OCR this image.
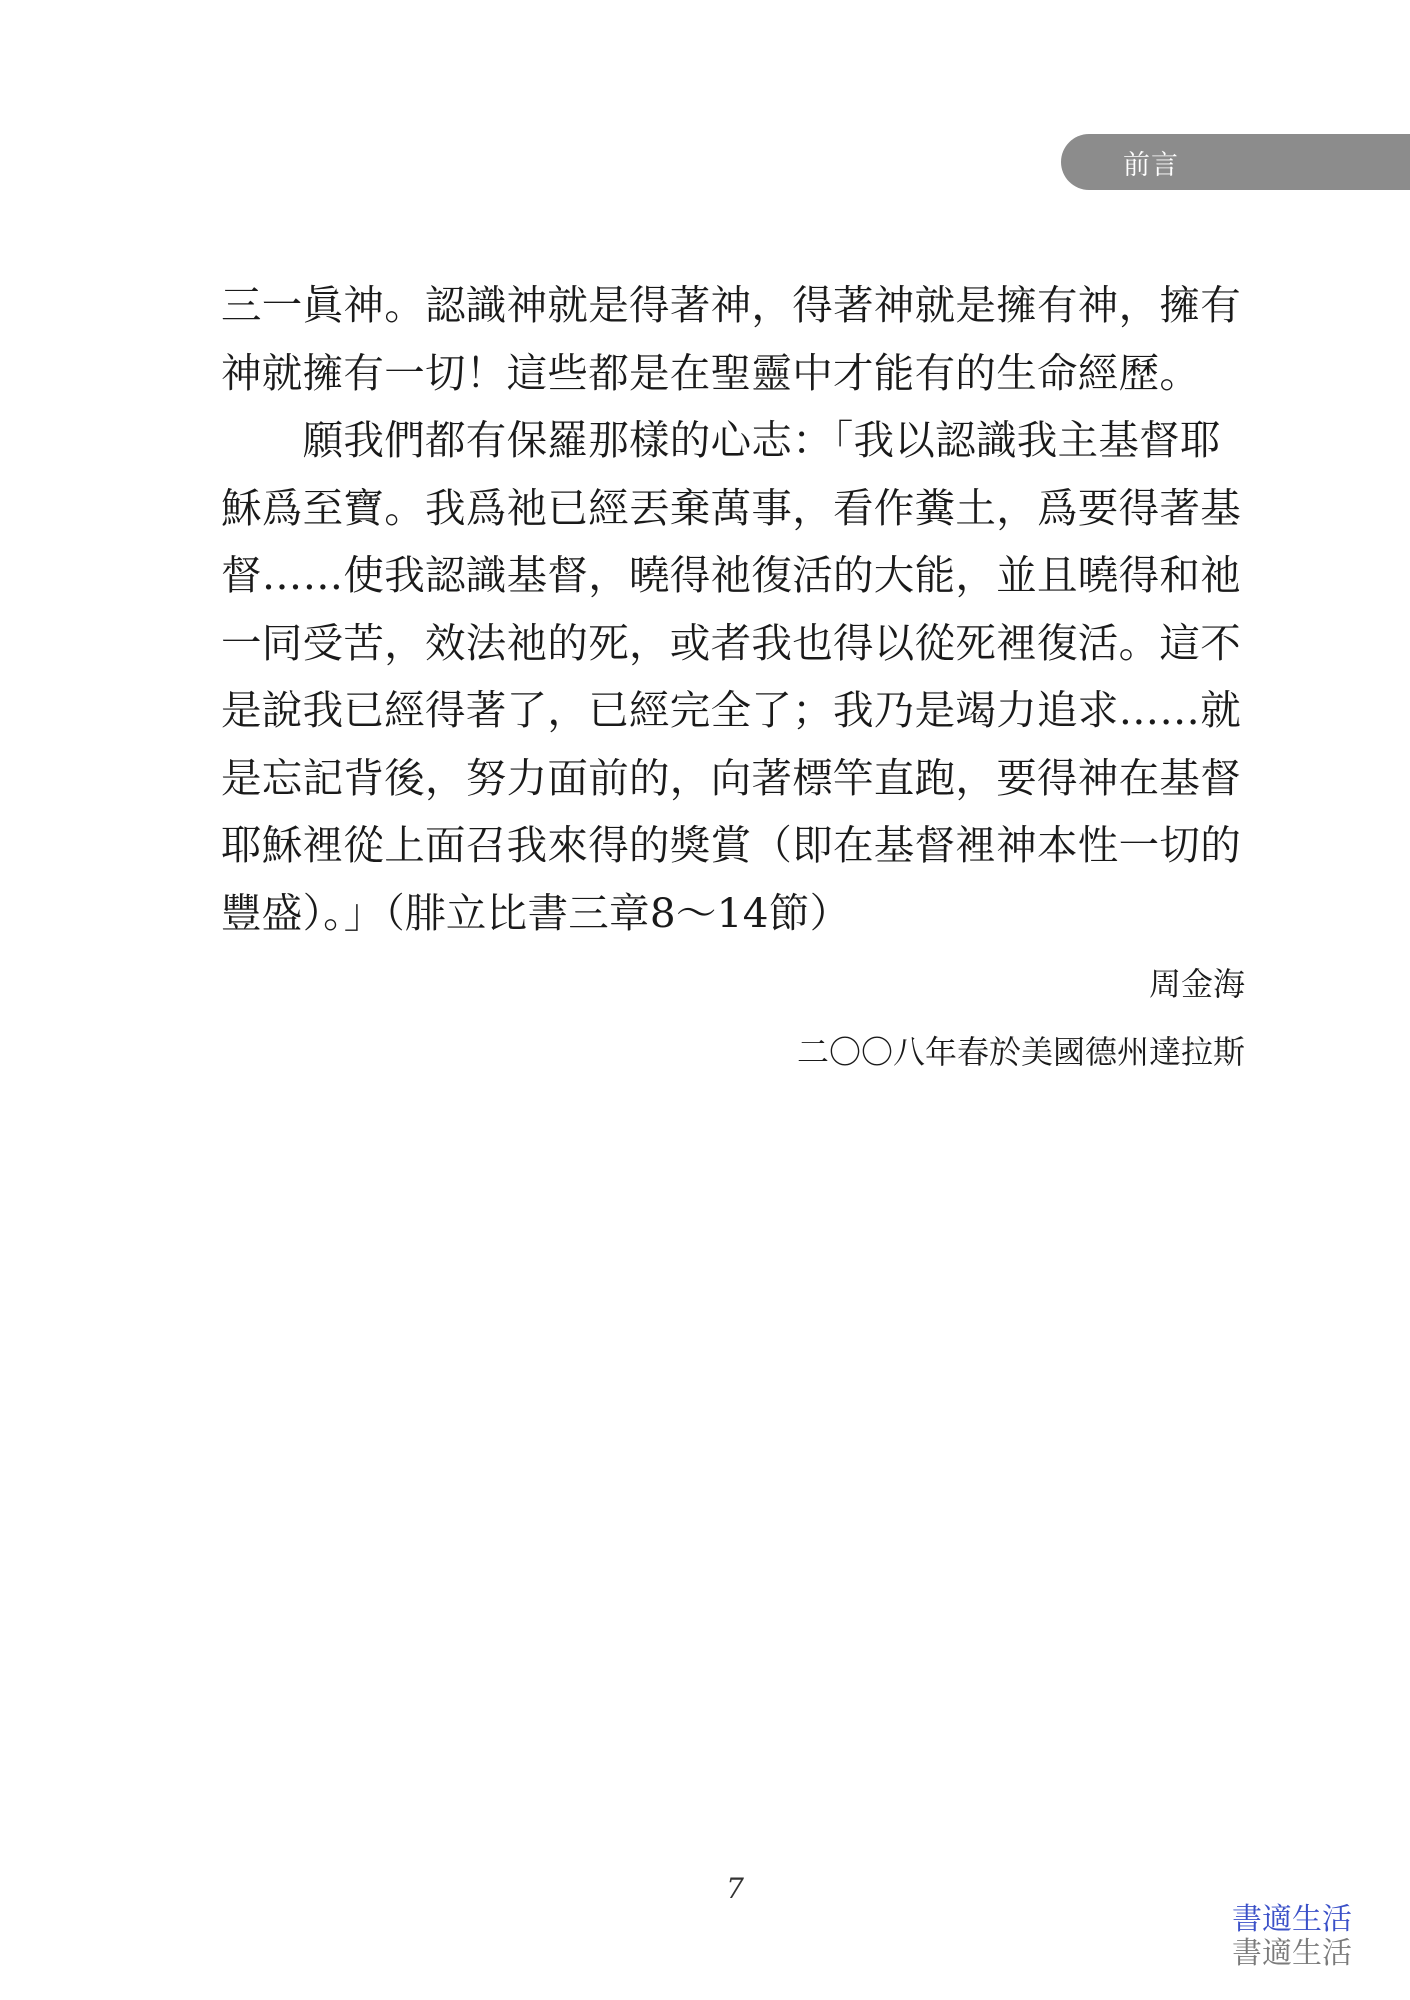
前言
三一眞神。認識神就是得著神，得著神就是擁有神，擁有
神就擁有一切！這些都是在聖靈中才能有的生命經歷。
　　願我們都有保羅那樣的心志：「我以認識我主基督耶
穌爲至寶。我爲祂已經丟棄萬事，看作糞土，爲要得著基
督……使我認識基督，曉得祂復活的大能，並且曉得和祂
一同受苦，效法祂的死，或者我也得以從死裡復活。這不
是說我已經得著了，已經完全了；我乃是竭力追求……就
是忘記背後，努力面前的，向著標竿直跑，要得神在基督
耶穌裡從上面召我來得的獎賞（即在基督裡神本性一切的
豐盛）。」（腓立比書三章8～14節）
周金海
二〇〇八年春於美國德州達拉斯
7
書適生活
書適生活
